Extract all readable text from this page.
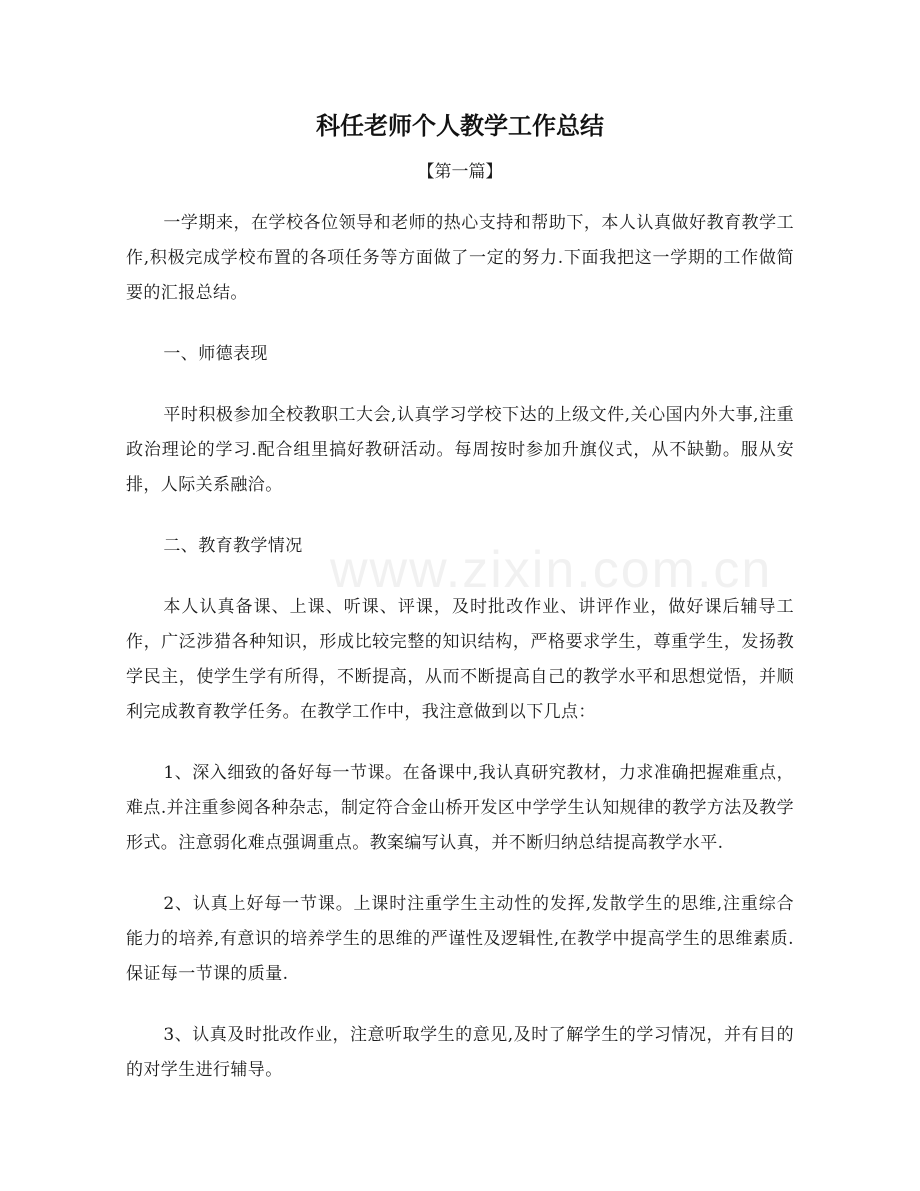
科任老师个人教学工作总结
【第一篇】

一学期来，在学校各位领导和老师的热心支持和帮助下，本人认真做好教育教学工作,积极完成学校布置的各项任务等方面做了一定的努力.下面我把这一学期的工作做简要的汇报总结。

一、师德表现

平时积极参加全校教职工大会,认真学习学校下达的上级文件,关心国内外大事,注重政治理论的学习.配合组里搞好教研活动。每周按时参加升旗仪式，从不缺勤。服从安排，人际关系融洽。

二、教育教学情况

本人认真备课、上课、听课、评课，及时批改作业、讲评作业，做好课后辅导工作，广泛涉猎各种知识，形成比较完整的知识结构，严格要求学生，尊重学生，发扬教学民主，使学生学有所得，不断提高，从而不断提高自己的教学水平和思想觉悟，并顺利完成教育教学任务。在教学工作中，我注意做到以下几点：

1、深入细致的备好每一节课。在备课中,我认真研究教材，力求准确把握难重点，难点.并注重参阅各种杂志，制定符合金山桥开发区中学学生认知规律的教学方法及教学形式。注意弱化难点强调重点。教案编写认真，并不断归纳总结提高教学水平.

2、认真上好每一节课。上课时注重学生主动性的发挥,发散学生的思维,注重综合能力的培养,有意识的培养学生的思维的严谨性及逻辑性,在教学中提高学生的思维素质.保证每一节课的质量.

3、认真及时批改作业，注意听取学生的意见,及时了解学生的学习情况，并有目的的对学生进行辅导。

www.zixin.com.cn
